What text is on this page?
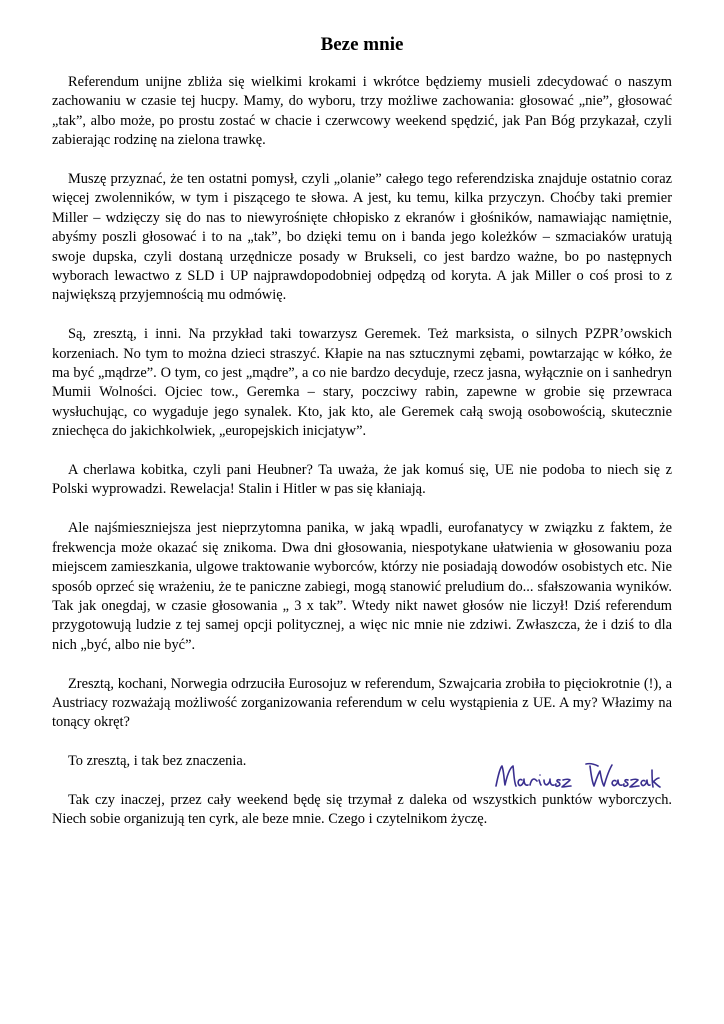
Beze mnie

Referendum unijne zbliża się wielkimi krokami i wkrótce będziemy musieli zdecydować o naszym zachowaniu w czasie tej hucpy. Mamy, do wyboru, trzy możliwe zachowania: głosować „nie”, głosować „tak”, albo może, po prostu zostać w chacie i czerwcowy weekend spędzić, jak Pan Bóg przykazał, czyli zabierając rodzinę na zielona trawkę.

Muszę przyznać, że ten ostatni pomysł, czyli „olanie” całego tego referendziska znajduje ostatnio coraz więcej zwolenników, w tym i piszącego te słowa. A jest, ku temu, kilka przyczyn. Choćby taki premier Miller – wdzięczy się do nas to niewyrośnięte chłopisko z ekranów i głośników, namawiając namiętnie, abyśmy poszli głosować i to na „tak”, bo dzięki temu on i banda jego koleżków – szmaciaków uratują swoje dupska, czyli dostaną urzędnicze posady w Brukseli, co jest bardzo ważne, bo po następnych wyborach lewactwo z SLD i UP najprawdopodobniej odpędzą od koryta. A jak Miller o coś prosi to z największą przyjemnością mu odmówię.

Są, zresztą, i inni. Na przykład taki towarzysz Geremek. Też marksista, o silnych PZPR’owskich korzeniach. No tym to można dzieci straszyć. Kłapie na nas sztucznymi zębami, powtarzając w kółko, że ma być „mądrze”. O tym, co jest „mądre”, a co nie bardzo decyduje, rzecz jasna, wyłącznie on i sanhedryn Mumii Wolności. Ojciec tow., Geremka – stary, poczciwy rabin, zapewne w grobie się przewraca wysłuchując, co wygaduje jego synalek. Kto, jak kto, ale Geremek całą swoją osobowością, skutecznie zniechęca do jakichkolwiek, „europejskich inicjatyw”.

A cherlawa kobitka, czyli pani Heubner? Ta uważa, że jak komuś się, UE nie podoba to niech się z Polski wyprowadzi. Rewelacja! Stalin i Hitler w pas się kłaniają.

Ale najśmieszniejsza jest nieprzytomna panika, w jaką wpadli, eurofanatycy w związku z faktem, że frekwencja może okazać się znikoma. Dwa dni głosowania, niespotykane ułatwienia w głosowaniu poza miejscem zamieszkania, ulgowe traktowanie wyborców, którzy nie posiadają dowodów osobistych etc. Nie sposób oprzeć się wrażeniu, że te paniczne zabiegi, mogą stanowić preludium do... sfałszowania wyników. Tak jak onegdaj, w czasie głosowania „ 3 x tak”. Wtedy nikt nawet głosów nie liczył! Dziś referendum przygotowują ludzie z tej samej opcji politycznej, a więc nic mnie nie zdziwi. Zwłaszcza, że i dziś to dla nich „być, albo nie być”.

Zresztą, kochani, Norwegia odrzuciła Eurosojuz w referendum, Szwajcaria zrobiła to pięciokrotnie (!), a Austriacy rozważają możliwość zorganizowania referendum w celu wystąpienia z UE. A my? Włazimy na tonący okręt?

To zresztą, i tak bez znaczenia.

Tak czy inaczej, przez cały weekend będę się trzymał z daleka od wszystkich punktów wyborczych. Niech sobie organizują ten cyrk, ale beze mnie. Czego i czytelnikom życzę.
